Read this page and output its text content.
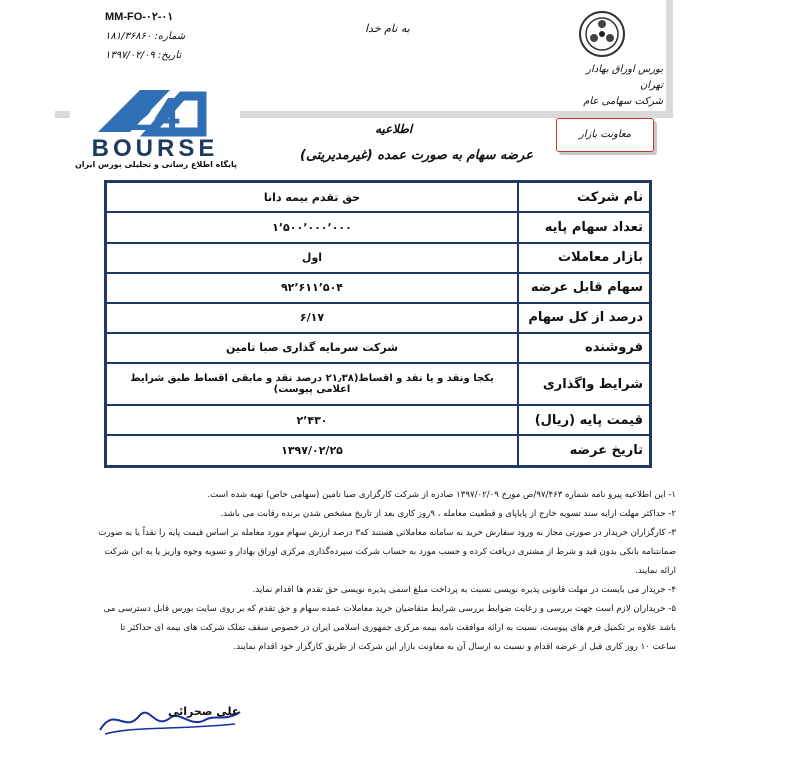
MM-FO-۰۲-۰۱
شماره: ۱۸۱/۳۶۸۶۰
تاریخ: ۱۳۹۷/۰۲/۰۹
به نام خدا
بورس اوراق بهادار تهران
شرکت سهامی عام
24
BOURSE
پایگاه اطلاع رسانی و تحلیلی بورس ایران
معاونت بازار
اطلاعیه
عرضه سهام به صورت عمده (غیرمدیریتی)
نام شرکت	حق تقدم بیمه دانا
تعداد سهام پایه	۱٬۵۰۰٬۰۰۰٬۰۰۰
بازار معاملات	اول
سهام قابل عرضه	۹۲٬۶۱۱٬۵۰۴
درصد از کل سهام	۶/۱۷
فروشنده	شرکت سرمایه گذاری صبا تامین
شرایط واگذاری	یکجا ونقد و یا نقد و اقساط(۲۱٫۳۸ درصد نقد و مابقی اقساط طبق شرایط اعلامی پیوست)
قیمت پایه (ریال)	۲٬۴۳۰
تاریخ عرضه	۱۳۹۷/۰۲/۲۵

۱- این اطلاعیه پیرو نامه شماره ۹۷/۴۶۳/ص مورخ ۱۳۹۷/۰۲/۰۹ صادره از شرکت کارگزاری صبا تامین (سهامی خاص) تهیه شده است.

۲- حداکثر مهلت ارایه سند تسویه خارج از پایاپای و قطعیت معامله ، ۹روز کاری بعد از تاریخ مشخص شدن برنده رقابت می باشد.

۳- کارگزاران خریدار در صورتی مجاز به ورود سفارش خرید به سامانه معاملاتی هستند که۳ درصد ارزش سهام مورد معامله بر اساس قیمت پایه را نقداً یا به صورت ضمانتنامه بانکی بدون قید و شرط از مشتری دریافت کرده و حسب مورد به حساب شرکت سپرده‌گذاری مرکزی اوراق بهادار و تسویه وجوه واریز یا به این شرکت ارائه نمایند.

۴- خریدار می بایست در مهلت قانونی پذیره نویسی نسبت به پرداخت مبلغ اسمی پذیره نویسی حق تقدم ها اقدام نماید.

۵- خریداران لازم است جهت بررسی و رعایت ضوابط بررسی شرایط متقاضیان خرید معاملات عمده سهام و حق تقدم که بر روی سایت بورس قابل دسترسی می باشد علاوه بر تکمیل فرم های پیوست، نسبت به ارائه موافقت نامه بیمه مرکزی جمهوری اسلامی ایران در خصوص سقف تملک شرکت های بیمه ای حداکثر تا ساعت ۱۰ روز کاری قبل از عرضه اقدام و نسبت به ارسال آن به معاونت بازار این شرکت از طریق کارگزار خود اقدام نمایند.

علی صحرائی
